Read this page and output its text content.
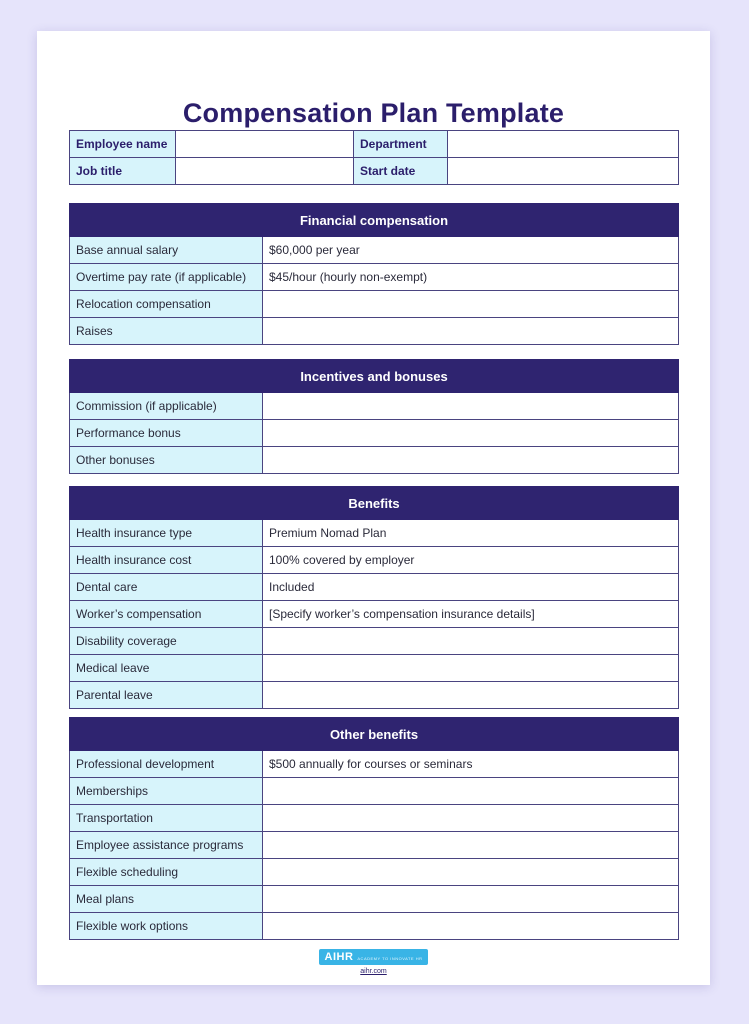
Compensation Plan Template
Employee name		Department	
Job title		Start date	
Financial compensation	
Base annual salary	$60,000 per year
Overtime pay rate (if applicable)	$45/hour (hourly non-exempt)
Relocation compensation	
Raises	
Incentives and bonuses	
Commission (if applicable)	
Performance bonus	
Other bonuses	
Benefits	
Health insurance type	Premium Nomad Plan
Health insurance cost	100% covered by employer
Dental care	Included
Worker’s compensation	[Specify worker’s compensation insurance details]
Disability coverage	
Medical leave	
Parental leave	
Other benefits	
Professional development	$500 annually for courses or seminars
Memberships	
Transportation	
Employee assistance programs	
Flexible scheduling	
Meal plans	
Flexible work options	
AIHR ACADEMY TO INNOVATE HR
aihr.com
